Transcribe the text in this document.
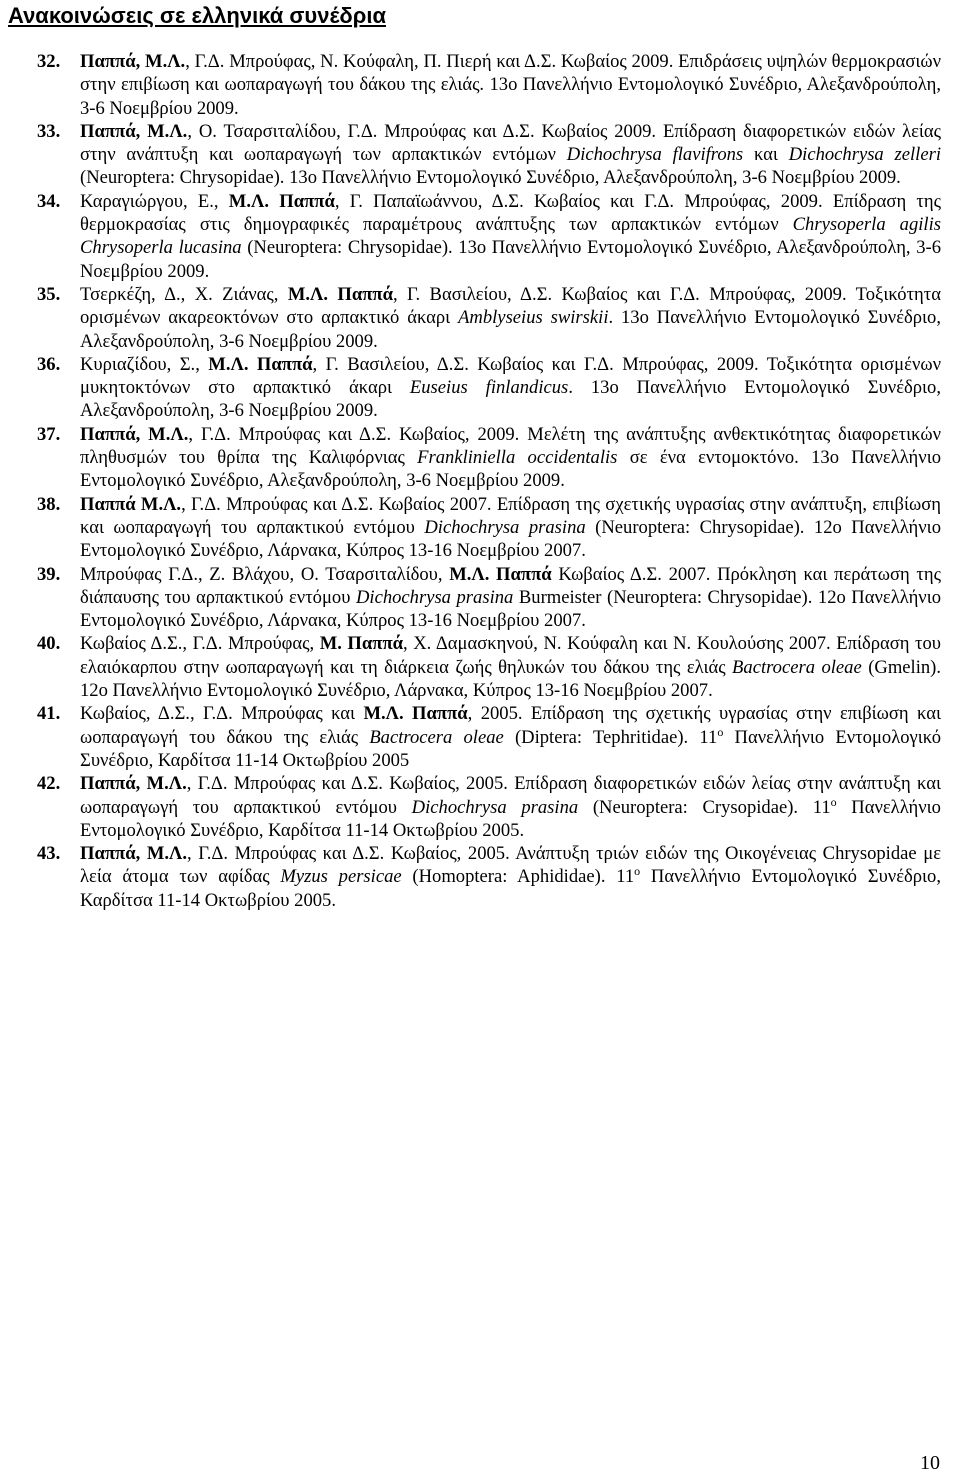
Ανακοινώσεις σε ελληνικά συνέδρια
32. Παππά, Μ.Λ., Γ.Δ. Μπρούφας, Ν. Κούφαλη, Π. Πιερή και Δ.Σ. Κωβαίος 2009. Επιδράσεις υψηλών θερμοκρασιών στην επιβίωση και ωοπαραγωγή του δάκου της ελιάς. 13ο Πανελλήνιο Εντομολογικό Συνέδριο, Αλεξανδρούπολη, 3-6 Νοεμβρίου 2009.
33. Παππά, Μ.Λ., Ο. Τσαρσιταλίδου, Γ.Δ. Μπρούφας και Δ.Σ. Κωβαίος 2009. Επίδραση διαφορετικών ειδών λείας στην ανάπτυξη και ωοπαραγωγή των αρπακτικών εντόμων Dichochrysa flavifrons και Dichochrysa zelleri (Neuroptera: Chrysopidae). 13ο Πανελλήνιο Εντομολογικό Συνέδριο, Αλεξανδρούπολη, 3-6 Νοεμβρίου 2009.
34. Καραγιώργου, Ε., Μ.Λ. Παππά, Γ. Παπαϊωάννου, Δ.Σ. Κωβαίος και Γ.Δ. Μπρούφας, 2009. Επίδραση της θερμοκρασίας στις δημογραφικές παραμέτρους ανάπτυξης των αρπακτικών εντόμων Chrysoperla agilis Chrysoperla lucasina (Neuroptera: Chrysopidae). 13ο Πανελλήνιο Εντομολογικό Συνέδριο, Αλεξανδρούπολη, 3-6 Νοεμβρίου 2009.
35. Τσερκέζη, Δ., Χ. Ζιάνας, Μ.Λ. Παππά, Γ. Βασιλείου, Δ.Σ. Κωβαίος και Γ.Δ. Μπρούφας, 2009. Τοξικότητα ορισμένων ακαρεοκτόνων στο αρπακτικό άκαρι Amblyseius swirskii. 13ο Πανελλήνιο Εντομολογικό Συνέδριο, Αλεξανδρούπολη, 3-6 Νοεμβρίου 2009.
36. Κυριαζίδου, Σ., Μ.Λ. Παππά, Γ. Βασιλείου, Δ.Σ. Κωβαίος και Γ.Δ. Μπρούφας, 2009. Τοξικότητα ορισμένων μυκητοκτόνων στο αρπακτικό άκαρι Euseius finlandicus. 13ο Πανελλήνιο Εντομολογικό Συνέδριο, Αλεξανδρούπολη, 3-6 Νοεμβρίου 2009.
37. Παππά, Μ.Λ., Γ.Δ. Μπρούφας και Δ.Σ. Κωβαίος, 2009. Μελέτη της ανάπτυξης ανθεκτικότητας διαφορετικών πληθυσμών του θρίπα της Καλιφόρνιας Frankliniella occidentalis σε ένα εντομοκτόνο. 13ο Πανελλήνιο Εντομολογικό Συνέδριο, Αλεξανδρούπολη, 3-6 Νοεμβρίου 2009.
38. Παππά Μ.Λ., Γ.Δ. Μπρούφας και Δ.Σ. Κωβαίος 2007. Επίδραση της σχετικής υγρασίας στην ανάπτυξη, επιβίωση και ωοπαραγωγή του αρπακτικού εντόμου Dichochrysa prasina (Neuroptera: Chrysopidae). 12ο Πανελλήνιο Εντομολογικό Συνέδριο, Λάρνακα, Κύπρος 13-16 Νοεμβρίου 2007.
39. Μπρούφας Γ.Δ., Ζ. Βλάχου, Ο. Τσαρσιταλίδου, Μ.Λ. Παππά Κωβαίος Δ.Σ. 2007. Πρόκληση και περάτωση της διάπαυσης του αρπακτικού εντόμου Dichochrysa prasina Burmeister (Neuroptera: Chrysopidae). 12ο Πανελλήνιο Εντομολογικό Συνέδριο, Λάρνακα, Κύπρος 13-16 Νοεμβρίου 2007.
40. Κωβαίος Δ.Σ., Γ.Δ. Μπρούφας, Μ. Παππά, Χ. Δαμασκηνού, Ν. Κούφαλη και Ν. Κουλούσης 2007. Επίδραση του ελαιόκαρπου στην ωοπαραγωγή και τη διάρκεια ζωής θηλυκών του δάκου της ελιάς Bactrocera oleae (Gmelin). 12ο Πανελλήνιο Εντομολογικό Συνέδριο, Λάρνακα, Κύπρος 13-16 Νοεμβρίου 2007.
41. Κωβαίος, Δ.Σ., Γ.Δ. Μπρούφας και Μ.Λ. Παππά, 2005. Επίδραση της σχετικής υγρασίας στην επιβίωση και ωοπαραγωγή του δάκου της ελιάς Bactrocera oleae (Diptera: Tephritidae). $11^o$ Πανελλήνιο Εντομολογικό Συνέδριο, Καρδίτσα 11-14 Οκτωβρίου 2005
42. Παππά, Μ.Λ., Γ.Δ. Μπρούφας και Δ.Σ. Κωβαίος, 2005. Επίδραση διαφορετικών ειδών λείας στην ανάπτυξη και ωοπαραγωγή του αρπακτικού εντόμου Dichochrysa prasina (Neuroptera: Crysopidae). $11^o$ Πανελλήνιο Εντομολογικό Συνέδριο, Καρδίτσα 11-14 Οκτωβρίου 2005.
43. Παππά, Μ.Λ., Γ.Δ. Μπρούφας και Δ.Σ. Κωβαίος, 2005. Ανάπτυξη τριών ειδών της Οικογένειας Chrysopidae με λεία άτομα των αφίδας Myzus persicae (Homoptera: Aphididae). $11^o$ Πανελλήνιο Εντομολογικό Συνέδριο, Καρδίτσα 11-14 Οκτωβρίου 2005.
10
